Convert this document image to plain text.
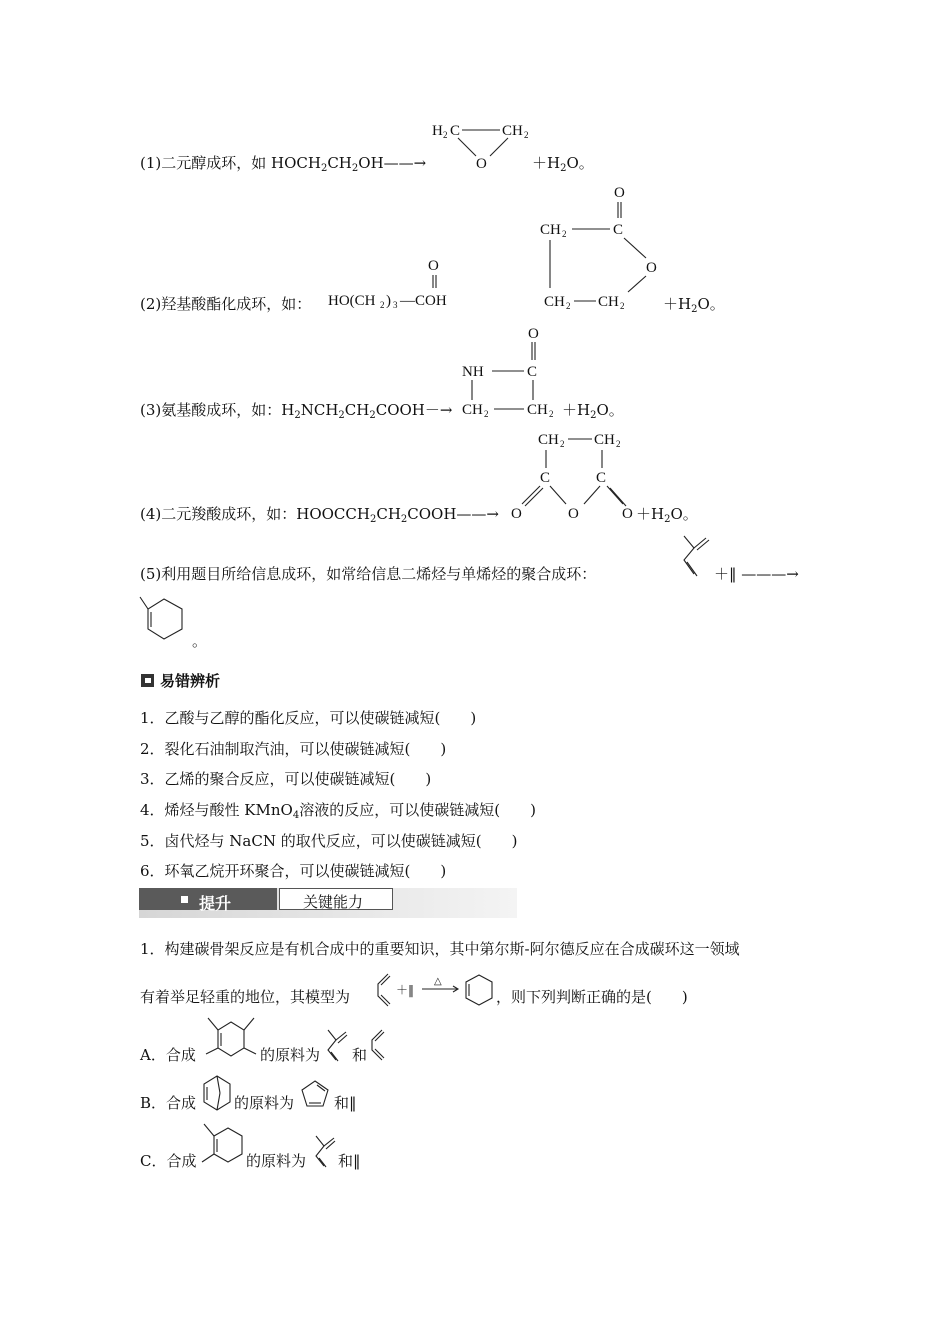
(1)二元醇成环，如 $HOCH_2CH_2OH——\to$
H 2 C	CH 2
O	$+H_2O$。
(2)羟基酸酯化成环，如：
O
HO(CH 2 ) 3 —COH
O
CH 2	C
O
CH 2 CH 2	$+H_2O$。
(3)氨基酸成环，如：$H_2NCH_2CH_2COOH-\to$
O
NH	C
CH 2	CH $2 +H_2O$。
(4)二元羧酸成环，如：$HOOCCH_2CH_2COOH——\to$
CH 2 CH 2
C	C
O	O	$O +H_2O$。
(5)利用题目所给信息成环，如常给信息二烯烃与单烯烃的聚合成环：	＋‖ ———→
。
易错辨析
1．乙酸与乙醇的酯化反应，可以使碳链减短(　　)
2．裂化石油制取汽油，可以使碳链减短(　　)
3．乙烯的聚合反应，可以使碳链减短(　　)
4．烯烃与酸性 KMnO$_4$溶液的反应，可以使碳链减短(　　)
5．卤代烃与 NaCN 的取代反应，可以使碳链减短(　　)
6．环氧乙烷开环聚合，可以使碳链减短(　　)
提升	关键能力
1．构建碳骨架反应是有机合成中的重要知识，其中第尔斯-阿尔德反应在合成碳环这一领域
有着举足轻重的地位，其模型为	＋‖
△
，则下列判断正确的是(　　)
A．合成	的原料为 和
B．合成	的原料为	和‖
C．合成	的原料为 和‖
